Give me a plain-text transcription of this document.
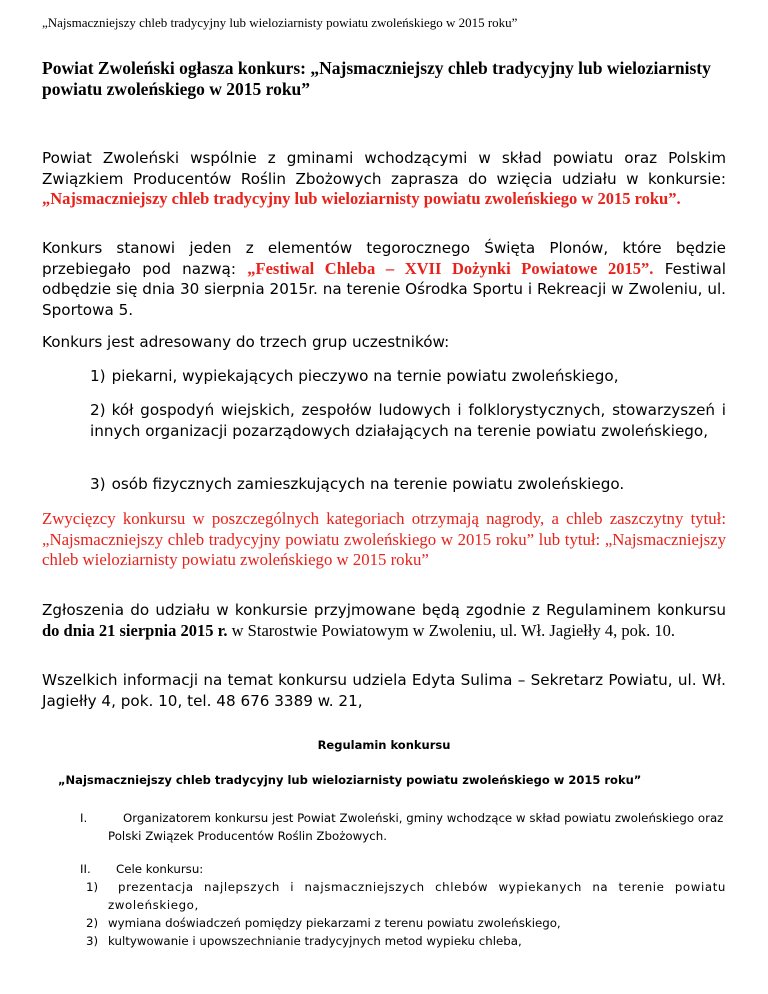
„Najsmaczniejszy chleb tradycyjny lub wieloziarnisty powiatu zwoleńskiego w 2015 roku”
Powiat Zwoleński ogłasza konkurs: „Najsmaczniejszy chleb tradycyjny lub wieloziarnisty powiatu zwoleńskiego w 2015 roku”
Powiat Zwoleński wspólnie z gminami wchodzącymi w skład powiatu oraz Polskim Związkiem Producentów Roślin Zbożowych zaprasza do wzięcia udziału w konkursie: „Najsmaczniejszy chleb tradycyjny lub wieloziarnisty powiatu zwoleńskiego w 2015 roku”.
Konkurs stanowi jeden z elementów tegorocznego Święta Plonów, które będzie przebiegało pod nazwą: „Festiwal Chleba – XVII Dożynki Powiatowe 2015”. Festiwal odbędzie się dnia 30 sierpnia 2015r. na terenie Ośrodka Sportu i Rekreacji w Zwoleniu, ul. Sportowa 5.
Konkurs jest adresowany do trzech grup uczestników:
1) piekarni, wypiekających pieczywo na ternie powiatu zwoleńskiego,
2) kół gospodyń wiejskich, zespołów ludowych i folklorystycznych, stowarzyszeń i innych organizacji pozarządowych działających na terenie powiatu zwoleńskiego,
3) osób fizycznych zamieszkujących na terenie powiatu zwoleńskiego.
Zwycięzcy konkursu w poszczególnych kategoriach otrzymają nagrody, a chleb zaszczytny tytuł: „Najsmaczniejszy chleb tradycyjny powiatu zwoleńskiego w 2015 roku” lub tytuł: „Najsmaczniejszy chleb wieloziarnisty powiatu zwoleńskiego w 2015 roku”
Zgłoszenia do udziału w konkursie przyjmowane będą zgodnie z Regulaminem konkursu do dnia 21 sierpnia 2015 r. w Starostwie Powiatowym w Zwoleniu, ul. Wł. Jagiełły 4, pok. 10.
Wszelkich informacji na temat konkursu udziela Edyta Sulima – Sekretarz Powiatu, ul. Wł. Jagiełły 4, pok. 10, tel. 48 676 3389 w. 21,
Regulamin konkursu
„Najsmaczniejszy chleb tradycyjny lub wieloziarnisty powiatu zwoleńskiego w 2015 roku”
I.	Organizatorem konkursu jest Powiat Zwoleński, gminy wchodzące w skład powiatu zwoleńskiego oraz Polski Związek Producentów Roślin Zbożowych.
II. Cele konkursu:
1)	prezentacja najlepszych i najsmaczniejszych chlebów wypiekanych na terenie powiatu zwoleńskiego,
2) wymiana doświadczeń pomiędzy piekarzami z terenu powiatu zwoleńskiego,
3) kultywowanie i upowszechnianie tradycyjnych metod wypieku chleba,
